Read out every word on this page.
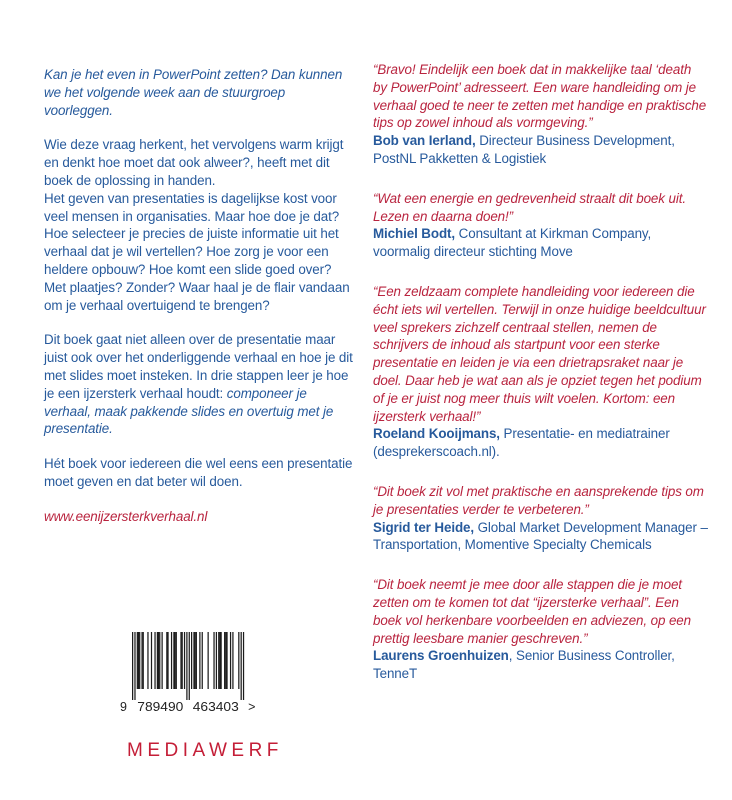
Kan je het even in PowerPoint zetten? Dan kunnen we het volgende week aan de stuurgroep voorleggen.

Wie deze vraag herkent, het vervolgens warm krijgt en denkt hoe moet dat ook alweer?, heeft met dit boek de oplossing in handen.
Het geven van presentaties is dagelijkse kost voor veel mensen in organisaties. Maar hoe doe je dat? Hoe selecteer je precies de juiste informatie uit het verhaal dat je wil vertellen? Hoe zorg je voor een heldere opbouw? Hoe komt een slide goed over? Met plaatjes? Zonder? Waar haal je de flair vandaan om je verhaal overtuigend te brengen?

Dit boek gaat niet alleen over de presentatie maar juist ook over het onderliggende verhaal en hoe je dit met slides moet insteken. In drie stappen leer je hoe je een ijzersterk verhaal houdt: componeer je verhaal, maak pakkende slides en overtuig met je presentatie.

Hét boek voor iedereen die wel eens een presentatie moet geven en dat beter wil doen.

www.eenijzersterkverhaal.nl

“Bravo! Eindelijk een boek dat in makkelijke taal ‘death by PowerPoint’ adresseert. Een ware handleiding om je verhaal goed te neer te zetten met handige en praktische tips op zowel inhoud als vormgeving.”
Bob van Ierland, Directeur Business Development, PostNL Pakketten & Logistiek
“Wat een energie en gedrevenheid straalt dit boek uit. Lezen en daarna doen!”
Michiel Bodt, Consultant at Kirkman Company, voormalig directeur stichting Move
“Een zeldzaam complete handleiding voor iedereen die écht iets wil vertellen. Terwijl in onze huidige beeldcultuur veel sprekers zichzelf centraal stellen, nemen de schrijvers de inhoud als startpunt voor een sterke presentatie en leiden je via een drietrapsraket naar je doel. Daar heb je wat aan als je opziet tegen het podium of je er juist nog meer thuis wilt voelen. Kortom: een ijzersterk verhaal!”
Roeland Kooijmans, Presentatie- en mediatrainer (desprekerscoach.nl).
“Dit boek zit vol met praktische en aansprekende tips om je presentaties verder te verbeteren.”
Sigrid ter Heide, Global Market Development Manager – Transportation, Momentive Specialty Chemicals
“Dit boek neemt je mee door alle stappen die je moet zetten om te komen tot dat “ijzersterke verhaal”. Een boek vol herkenbare voorbeelden en adviezen, op een prettig leesbare manier geschreven.”
Laurens Groenhuizen, Senior Business Controller, TenneT
9 789490 463403 >
MEDIAWERF
